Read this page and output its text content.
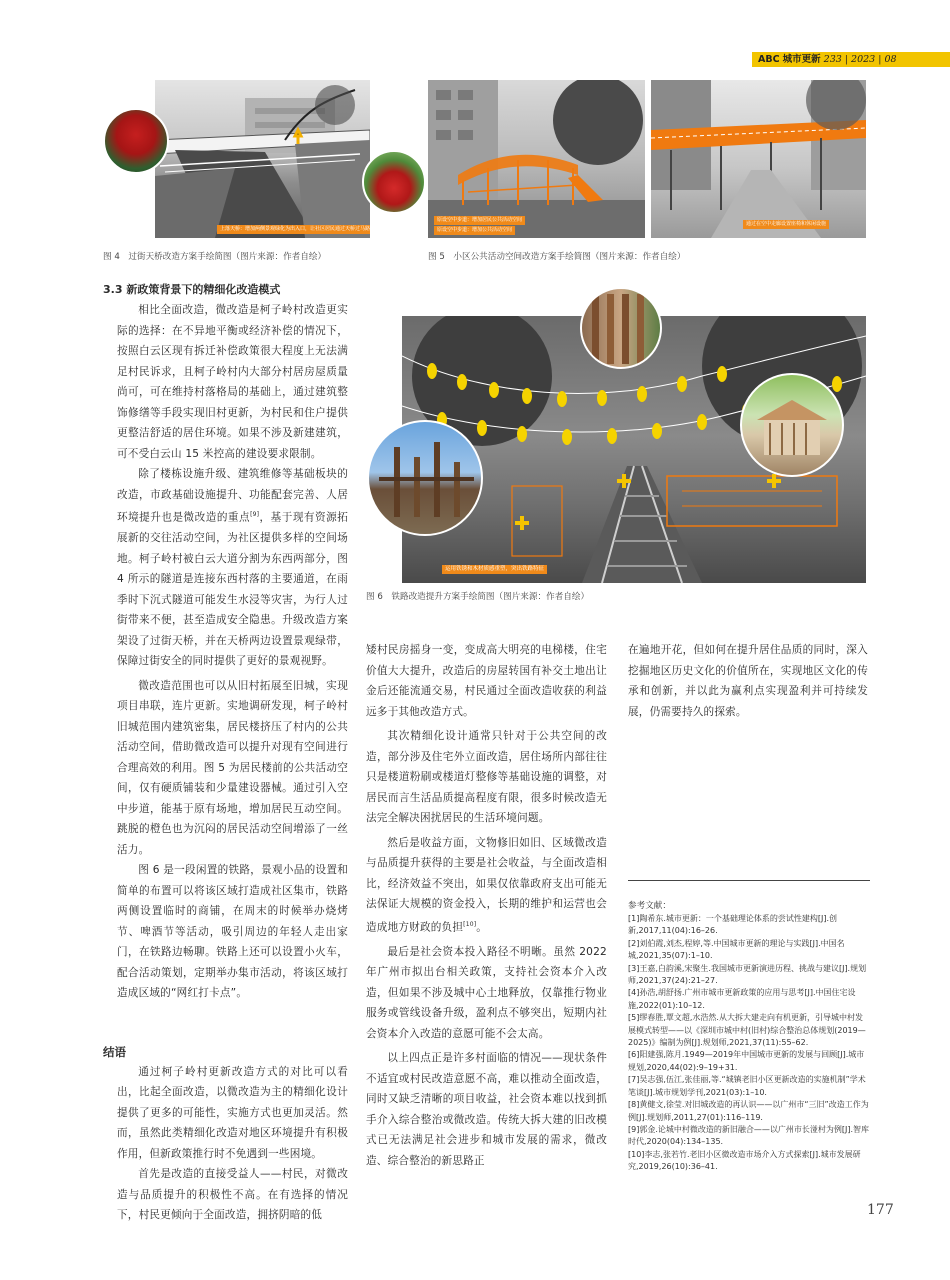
ABC 城市更新 233 | 2023 | 08
上落天桥：增加两侧景观绿化为出入口，让社区居民通过天桥过马路
图 4　过街天桥改造方案手绘简图（图片来源：作者自绘）
原设空中步道：增加居民公共活动空间
原设空中步道：增加公共活动空间
通过在空中走廊设置座椅和休闲设施
图 5　小区公共活动空间改造方案手绘简图（图片来源：作者自绘）
运用铁锈和木材质感重塑，突出铁路特征
图 6　铁路改造提升方案手绘简图（图片来源：作者自绘）
3.3 新政策背景下的精细化改造模式

相比全面改造，微改造是柯子岭村改造更实际的选择：在不异地平衡或经济补偿的情况下，按照白云区现有拆迁补偿政策很大程度上无法满足村民诉求，且柯子岭村内大部分村居房屋质量尚可，可在维持村落格局的基础上，通过建筑整饰修缮等手段实现旧村更新，为村民和住户提供更整洁舒适的居住环境。如果不涉及新建建筑，可不受白云山 15 米控高的建设要求限制。

除了楼栋设施升级、建筑维修等基础板块的改造，市政基础设施提升、功能配套完善、人居环境提升也是微改造的重点[9]，基于现有资源拓展新的交往活动空间，为社区提供多样的空间场地。柯子岭村被白云大道分割为东西两部分，图 4 所示的隧道是连接东西村落的主要通道，在雨季时下沉式隧道可能发生水浸等灾害，为行人过街带来不便，甚至造成安全隐患。升级改造方案架设了过街天桥，并在天桥两边设置景观绿带，保障过街安全的同时提供了更好的景观视野。

微改造范围也可以从旧村拓展至旧城，实现项目串联，连片更新。实地调研发现，柯子岭村旧城范围内建筑密集，居民楼挤压了村内的公共活动空间，借助微改造可以提升对现有空间进行合理高效的利用。图 5 为居民楼前的公共活动空间，仅有硬质铺装和少量建设器械。通过引入空中步道，能基于原有场地，增加居民互动空间。跳脱的橙色也为沉闷的居民活动空间增添了一丝活力。

图 6 是一段闲置的铁路，景观小品的设置和简单的布置可以将该区域打造成社区集市，铁路两侧设置临时的商铺，在周末的时候举办烧烤节、啤酒节等活动，吸引周边的年轻人走出家门，在铁路边畅聊。铁路上还可以设置小火车，配合活动策划，定期举办集市活动，将该区域打造成区域的“网红打卡点”。

结语

通过柯子岭村更新改造方式的对比可以看出，比起全面改造，以微改造为主的精细化设计提供了更多的可能性，实施方式也更加灵活。然而，虽然此类精细化改造对地区环境提升有积极作用，但新政策推行时不免遇到一些困境。

首先是改造的直接受益人——村民，对微改造与品质提升的积极性不高。在有选择的情况下，村民更倾向于全面改造，拥挤阴暗的低

矮村民房摇身一变，变成高大明亮的电梯楼，住宅价值大大提升，改造后的房屋转国有补交土地出让金后还能流通交易，村民通过全面改造收获的利益远多于其他改造方式。

其次精细化设计通常只针对于公共空间的改造，部分涉及住宅外立面改造，居住场所内部往往只是楼道粉刷或楼道灯整修等基础设施的调整，对居民而言生活品质提高程度有限，很多时候改造无法完全解决困扰居民的生活环境问题。

然后是收益方面，文物修旧如旧、区域微改造与品质提升获得的主要是社会收益，与全面改造相比，经济效益不突出，如果仅依靠政府支出可能无法保证大规模的资金投入，长期的维护和运营也会造成地方财政的负担[10]。

最后是社会资本投入路径不明晰。虽然 2022 年广州市拟出台相关政策，支持社会资本介入改造，但如果不涉及城中心土地释放，仅靠推行物业服务或管线设备升级，盈利点不够突出，短期内社会资本介入改造的意愿可能不会太高。

以上四点正是许多村面临的情况——现状条件不适宜或村民改造意愿不高，难以推动全面改造，同时又缺乏清晰的项目收益，社会资本难以找到抓手介入综合整治或微改造。传统大拆大建的旧改模式已无法满足社会进步和城市发展的需求，微改造、综合整治的新思路正

在遍地开花，但如何在提升居住品质的同时，深入挖掘地区历史文化的价值所在，实现地区文化的传承和创新，并以此为赢利点实现盈利并可持续发展，仍需要持久的探索。

参考文献：
[1]陶希东.城市更新：一个基础理论体系的尝试性建构[J].创新,2017,11(04):16–26.
[2]刘伯霞,刘杰,程婷,等.中国城市更新的理论与实践[J].中国名城,2021,35(07):1–10.
[3]王嘉,白韵溪,宋聚生.我国城市更新演进历程、挑战与建议[J].规划师,2021,37(24):21–27.
[4]孙浩,胡舒扬.广州市城市更新政策的应用与思考[J].中国住宅设施,2022(01):10–12.
[5]缪春胜,覃文超,水浩然.从大拆大建走向有机更新，引导城中村发展模式转型——以《深圳市城中村(旧村)综合整治总体规划(2019—2025)》编制为例[J].规划师,2021,37(11):55–62.
[6]阳建强,陈月.1949—2019年中国城市更新的发展与回顾[J].城市规划,2020,44(02):9–19+31.
[7]吴志强,伍江,张佳丽,等.“城镇老旧小区更新改造的实施机制”学术笔谈[J].城市规划学刊,2021(03):1–10.
[8]黄健文,徐莹.对旧城改造的再认识——以广州市“三旧”改造工作为例[J].规划师,2011,27(01):116–119.
[9]郭金.论城中村微改造的新旧融合——以广州市长湴村为例[J].智库时代,2020(04):134–135.
[10]李志,张若竹.老旧小区微改造市场介入方式探索[J].城市发展研究,2019,26(10):36–41.
177
